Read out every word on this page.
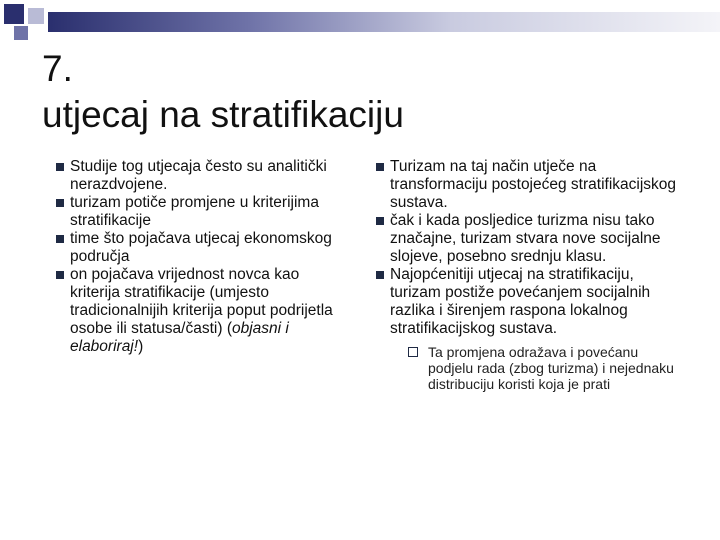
7.
utjecaj na stratifikaciju
Studije tog utjecaja često su analitički nerazdvojene.
turizam potiče promjene u kriterijima stratifikacije
time što pojačava utjecaj ekonomskog područja
on pojačava vrijednost novca kao kriterija stratifikacije (umjesto tradicionalnijih kriterija poput podrijetla osobe ili statusa/časti) (objasni i elaboriraj!)
Turizam na taj način utječe na transformaciju postojećeg stratifikacijskog sustava.
čak i kada posljedice turizma nisu tako značajne, turizam stvara nove socijalne slojeve, posebno srednju klasu.
Najopćenitiji utjecaj na stratifikaciju, turizam postiže povećanjem socijalnih razlika i širenjem raspona lokalnog stratifikacijskog sustava.
Ta promjena odražava i povećanu podjelu rada (zbog turizma) i nejednaku distribuciju koristi koja je prati
